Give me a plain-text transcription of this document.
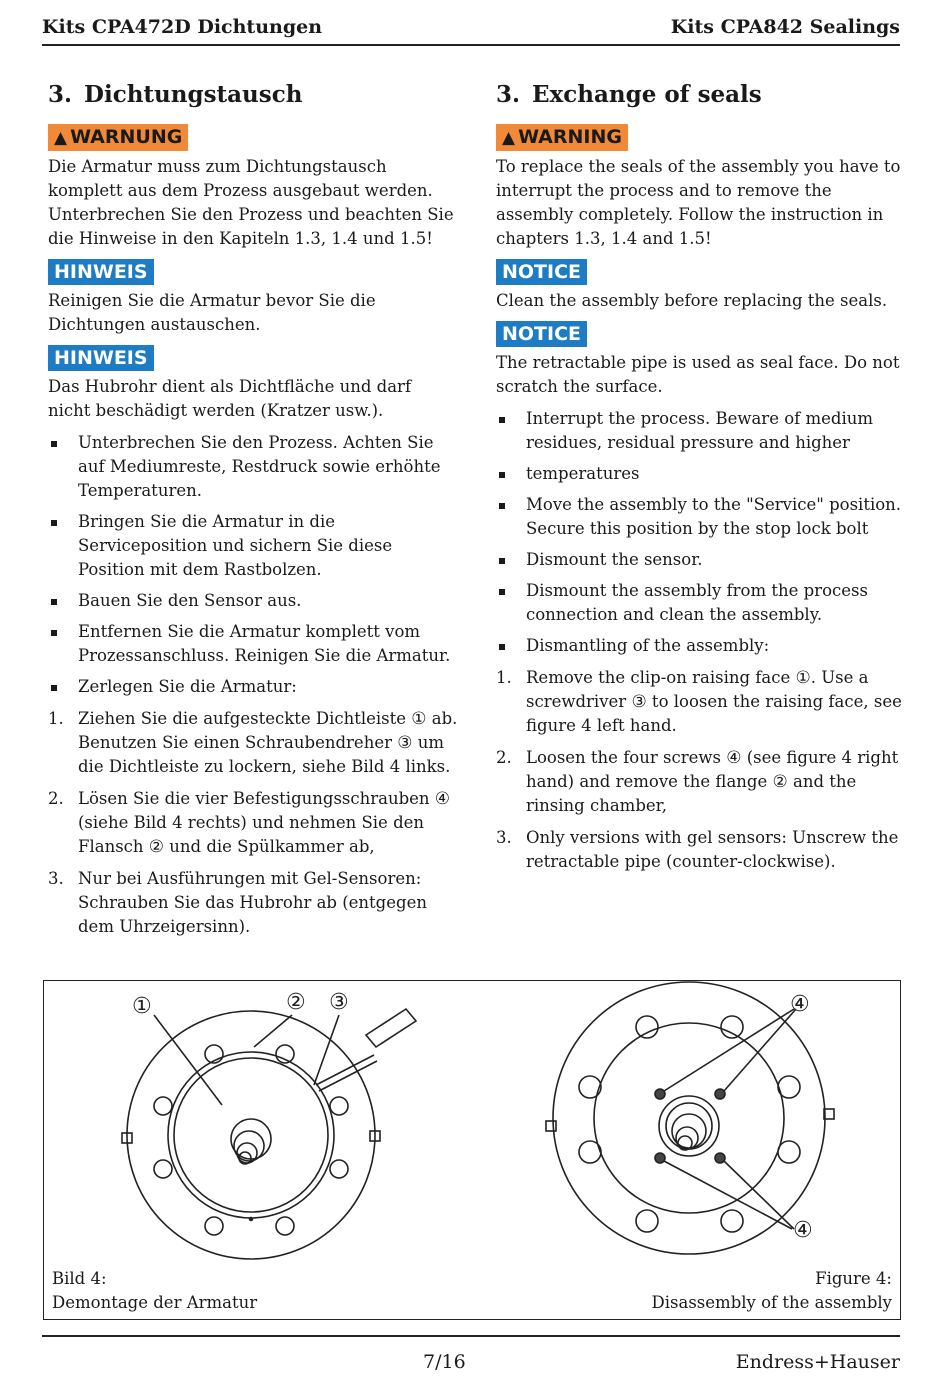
Kits CPA472D Dichtungen	Kits CPA842 Sealings
3. Dichtungstausch
▲ WARNUNG

Die Armatur muss zum Dichtungstausch komplett aus dem Prozess ausgebaut werden. Unterbrechen Sie den Prozess und beachten Sie die Hinweise in den Kapiteln 1.3, 1.4 und 1.5!

HINWEIS

Reinigen Sie die Armatur bevor Sie die Dichtungen austauschen.

HINWEIS

Das Hubrohr dient als Dichtfläche und darf nicht beschädigt werden (Kratzer usw.).

Unterbrechen Sie den Prozess. Achten Sie auf Mediumreste, Restdruck sowie erhöhte Temperaturen.
Bringen Sie die Armatur in die Serviceposition und sichern Sie diese Position mit dem Rastbolzen.
Bauen Sie den Sensor aus.
Entfernen Sie die Armatur komplett vom Prozessanschluss. Reinigen Sie die Armatur.
Zerlegen Sie die Armatur:
1. Ziehen Sie die aufgesteckte Dichtleiste ① ab. Benutzen Sie einen Schraubendreher ③ um die Dichtleiste zu lockern, siehe Bild 4 links.
2. Lösen Sie die vier Befestigungsschrauben ④ (siehe Bild 4 rechts) und nehmen Sie den Flansch ② und die Spülkammer ab,
3. Nur bei Ausführungen mit Gel-Sensoren: Schrauben Sie das Hubrohr ab (entgegen dem Uhrzeigersinn).
3. Exchange of seals
▲ WARNING

To replace the seals of the assembly you have to interrupt the process and to remove the assembly completely. Follow the instruction in chapters 1.3, 1.4 and 1.5!

NOTICE

Clean the assembly before replacing the seals.

NOTICE

The retractable pipe is used as seal face. Do not scratch the surface.

Interrupt the process. Beware of medium residues, residual pressure and higher
temperatures
Move the assembly to the "Service" position. Secure this position by the stop lock bolt
Dismount the sensor.
Dismount the assembly from the process connection and clean the assembly.
Dismantling of the assembly:
1. Remove the clip-on raising face ①. Use a screwdriver ③ to loosen the raising face, see figure 4 left hand.
2. Loosen the four screws ④ (see figure 4 right hand) and remove the flange ② and the rinsing chamber,
3. Only versions with gel sensors: Unscrew the retractable pipe (counter-clockwise).
①	② ③	④
④
Bild 4:
Demontage der Armatur
Figure 4:
Disassembly of the assembly
7/16	Endress+Hauser
